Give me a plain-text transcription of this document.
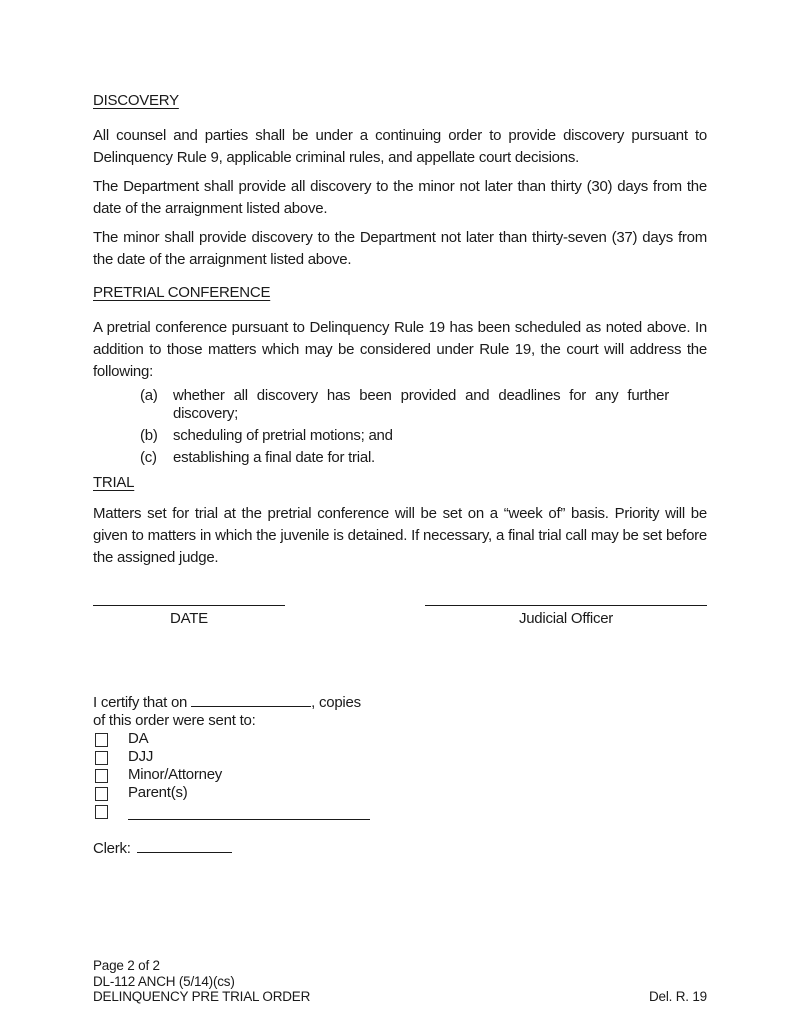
DISCOVERY

All counsel and parties shall be under a continuing order to provide discovery pursuant to Delinquency Rule 9, applicable criminal rules, and appellate court decisions.

The Department shall provide all discovery to the minor not later than thirty (30) days from the date of the arraignment listed above.

The minor shall provide discovery to the Department not later than thirty-seven (37) days from the date of the arraignment listed above.

PRETRIAL CONFERENCE

A pretrial conference pursuant to Delinquency Rule 19 has been scheduled as noted above. In addition to those matters which may be considered under Rule 19, the court will address the following:

(a)	whether all discovery has been provided and deadlines for any further discovery;
(b)	scheduling of pretrial motions; and
(c)	establishing a final date for trial.
TRIAL

Matters set for trial at the pretrial conference will be set on a “week of” basis. Priority will be given to matters in which the juvenile is detained. If necessary, a final trial call may be set before the assigned judge.

DATE	Judicial Officer
I certify that on	, copies
of this order were sent to:
DA
DJJ
Minor/Attorney
Parent(s)
Clerk:
Page 2 of 2
DL-112 ANCH (5/14)(cs)
DELINQUENCY PRE TRIAL ORDER	Del. R. 19
